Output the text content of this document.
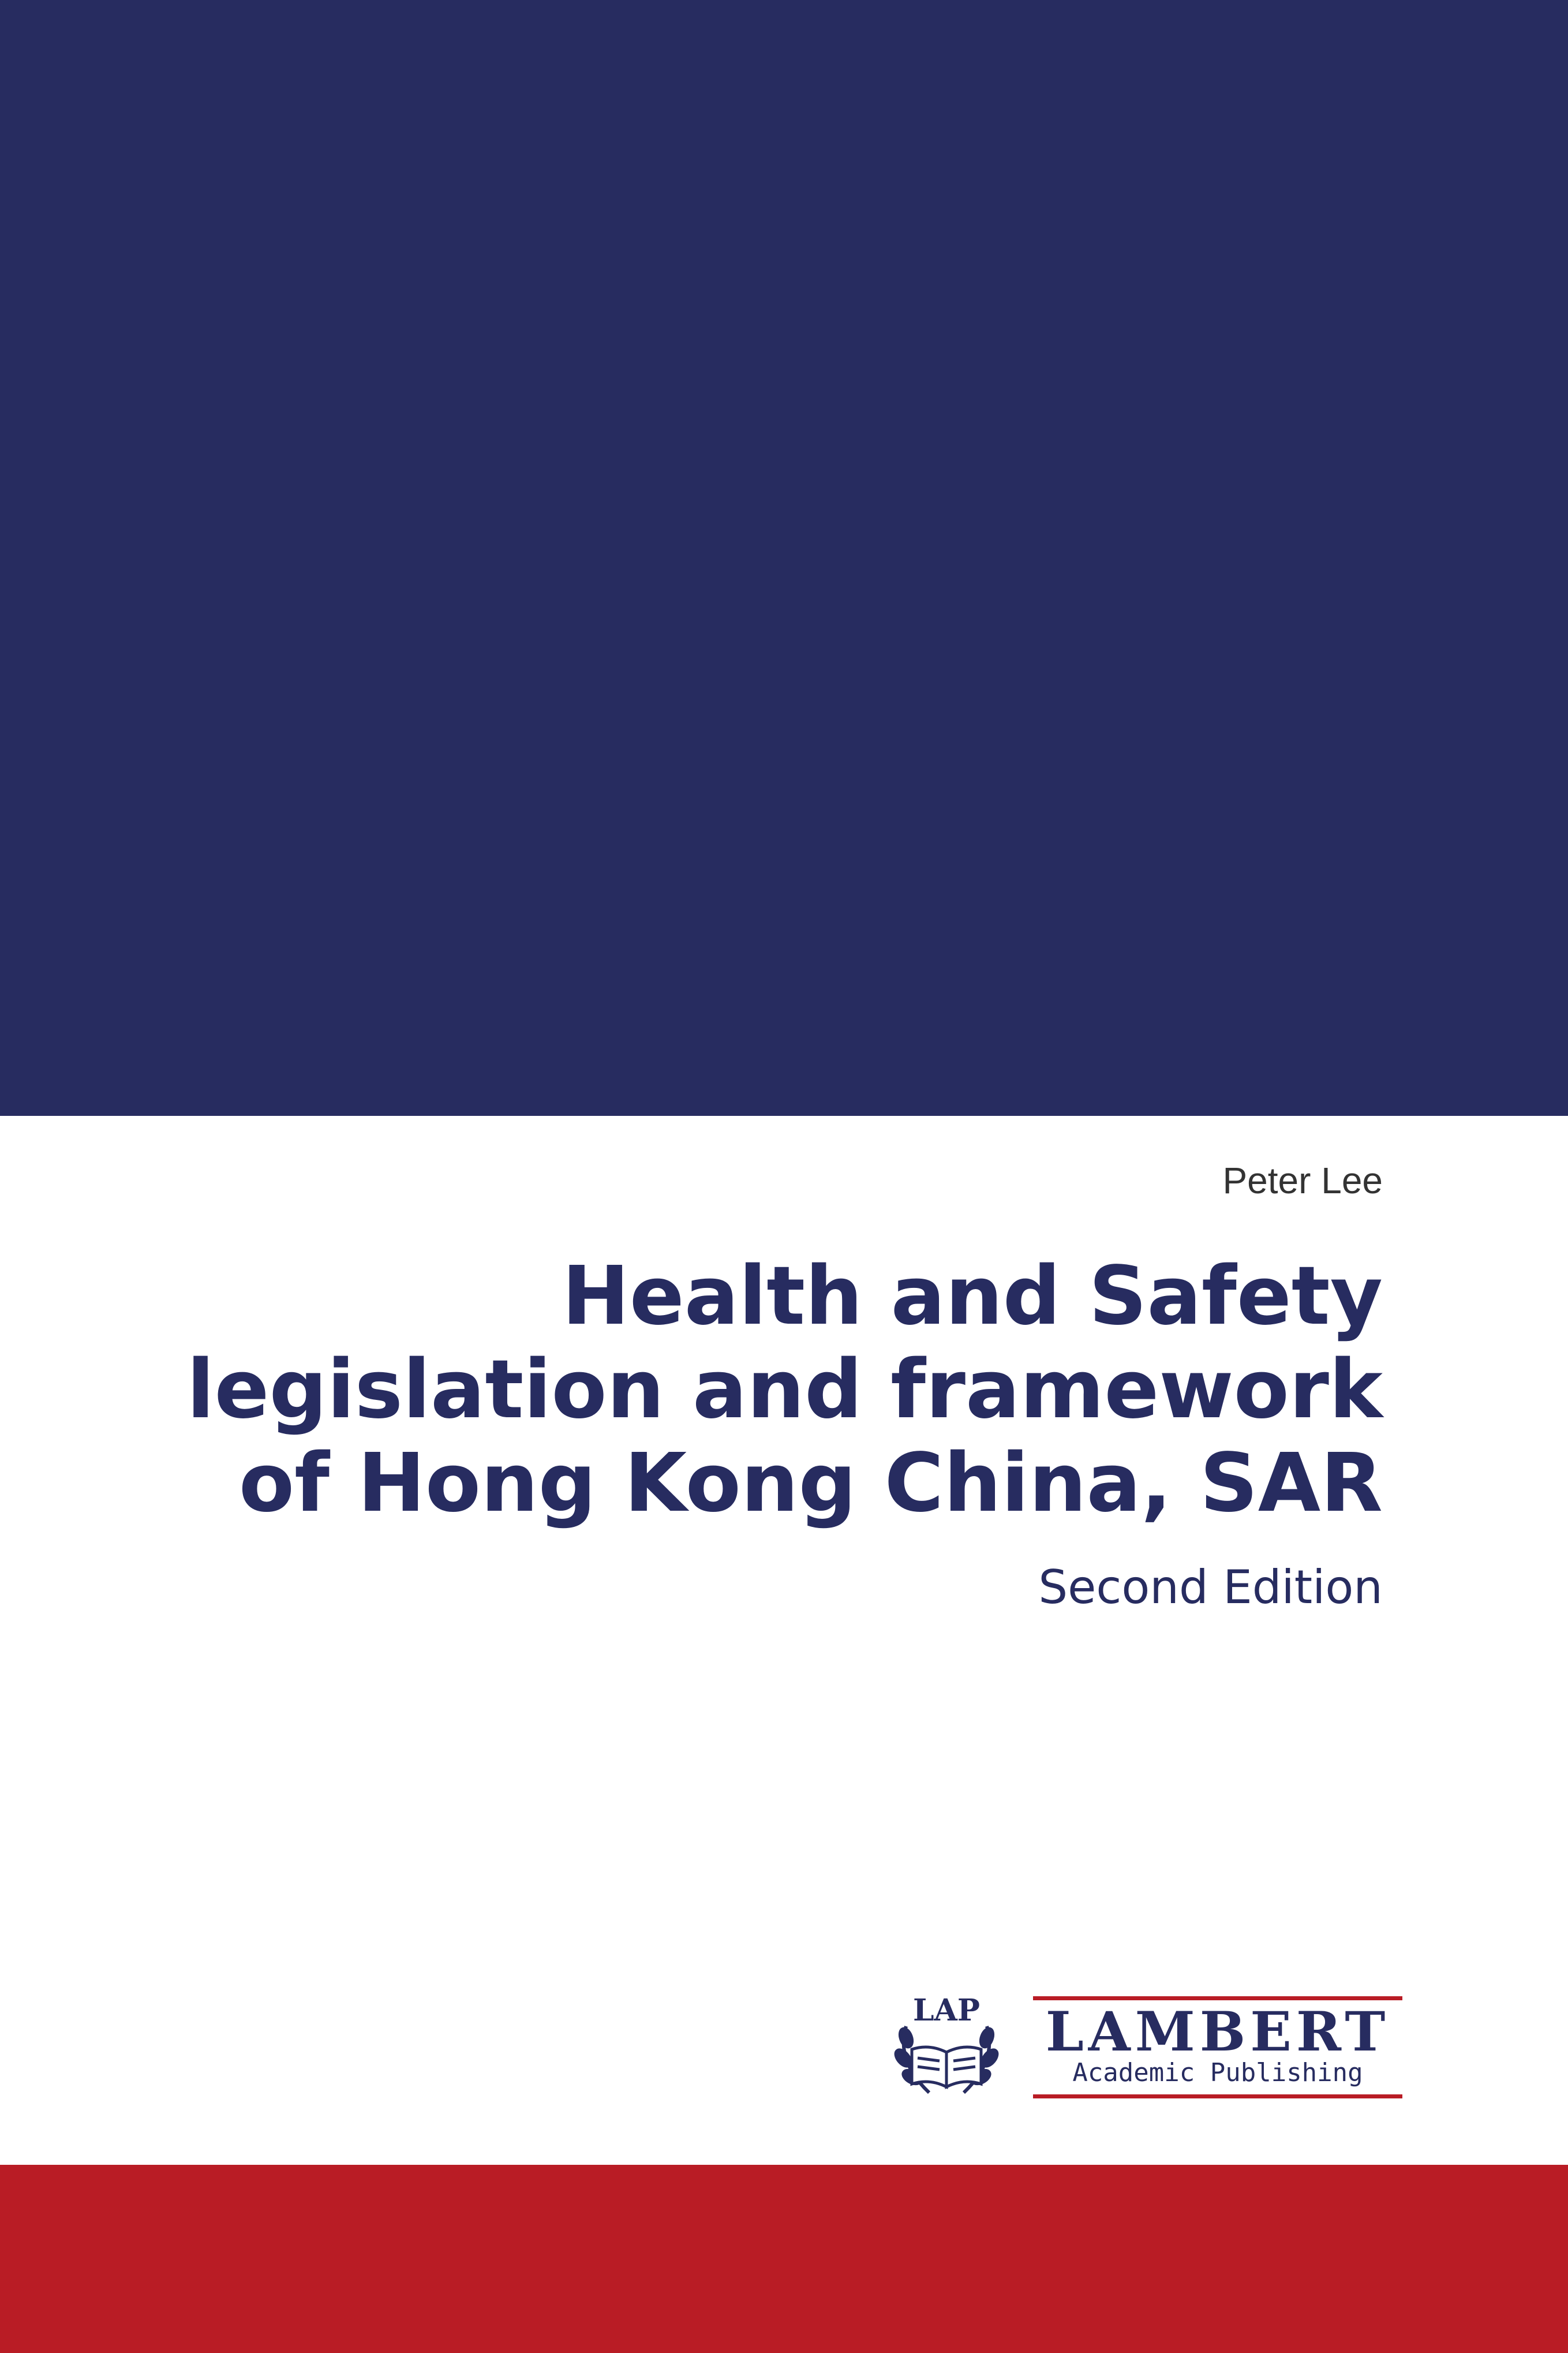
Peter Lee
Health and Safety
legislation and framework
of Hong Kong China, SAR
Second Edition
LAP LAMBERT
Academic Publishing
